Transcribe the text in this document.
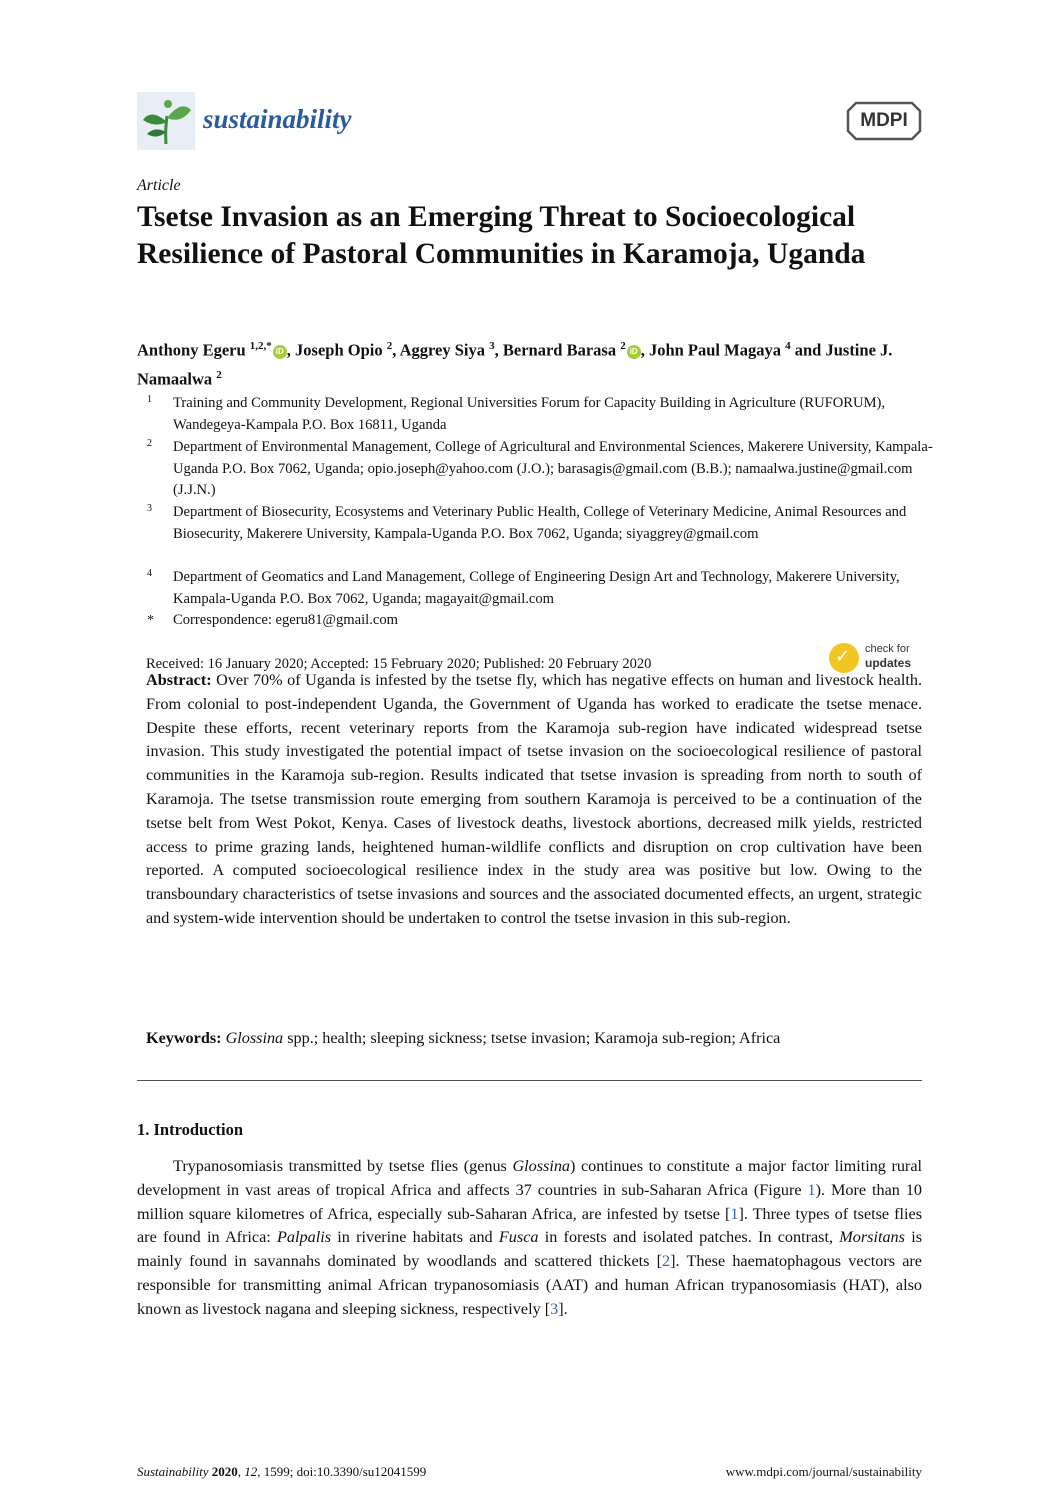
sustainability	MDPI
Article
Tsetse Invasion as an Emerging Threat to Socioecological Resilience of Pastoral Communities in Karamoja, Uganda
Anthony Egeru $^{1,2,*}$ iD , Joseph Opio $^2$, Aggrey Siya $^3$, Bernard Barasa $^2$ iD , John Paul Magaya $^4$ and Justine J. Namaalwa $^2$
1 Training and Community Development, Regional Universities Forum for Capacity Building in Agriculture (RUFORUM), Wandegeya-Kampala P.O. Box 16811, Uganda
2 Department of Environmental Management, College of Agricultural and Environmental Sciences, Makerere University, Kampala-Uganda P.O. Box 7062, Uganda; opio.joseph@yahoo.com (J.O.); barasagis@gmail.com (B.B.); namaalwa.justine@gmail.com (J.J.N.)
3 Department of Biosecurity, Ecosystems and Veterinary Public Health, College of Veterinary Medicine, Animal Resources and Biosecurity, Makerere University, Kampala-Uganda P.O. Box 7062, Uganda; siyaggrey@gmail.com
4 Department of Geomatics and Land Management, College of Engineering Design Art and Technology, Makerere University, Kampala-Uganda P.O. Box 7062, Uganda; magayait@gmail.com
* Correspondence: egeru81@gmail.com
Received: 16 January 2020; Accepted: 15 February 2020; Published: 20 February 2020	✓ check for
updates
Abstract: Over 70% of Uganda is infested by the tsetse fly, which has negative effects on human and livestock health. From colonial to post-independent Uganda, the Government of Uganda has worked to eradicate the tsetse menace. Despite these efforts, recent veterinary reports from the Karamoja sub-region have indicated widespread tsetse invasion. This study investigated the potential impact of tsetse invasion on the socioecological resilience of pastoral communities in the Karamoja sub-region. Results indicated that tsetse invasion is spreading from north to south of Karamoja. The tsetse transmission route emerging from southern Karamoja is perceived to be a continuation of the tsetse belt from West Pokot, Kenya. Cases of livestock deaths, livestock abortions, decreased milk yields, restricted access to prime grazing lands, heightened human-wildlife conflicts and disruption on crop cultivation have been reported. A computed socioecological resilience index in the study area was positive but low. Owing to the transboundary characteristics of tsetse invasions and sources and the associated documented effects, an urgent, strategic and system-wide intervention should be undertaken to control the tsetse invasion in this sub-region.
Keywords: Glossina spp.; health; sleeping sickness; tsetse invasion; Karamoja sub-region; Africa
1. Introduction
Trypanosomiasis transmitted by tsetse flies (genus Glossina) continues to constitute a major factor limiting rural development in vast areas of tropical Africa and affects 37 countries in sub-Saharan Africa (Figure 1). More than 10 million square kilometres of Africa, especially sub-Saharan Africa, are infested by tsetse [1]. Three types of tsetse flies are found in Africa: Palpalis in riverine habitats and Fusca in forests and isolated patches. In contrast, Morsitans is mainly found in savannahs dominated by woodlands and scattered thickets [2]. These haematophagous vectors are responsible for transmitting animal African trypanosomiasis (AAT) and human African trypanosomiasis (HAT), also known as livestock nagana and sleeping sickness, respectively [3].
Sustainability 2020, 12, 1599; doi:10.3390/su12041599	www.mdpi.com/journal/sustainability
